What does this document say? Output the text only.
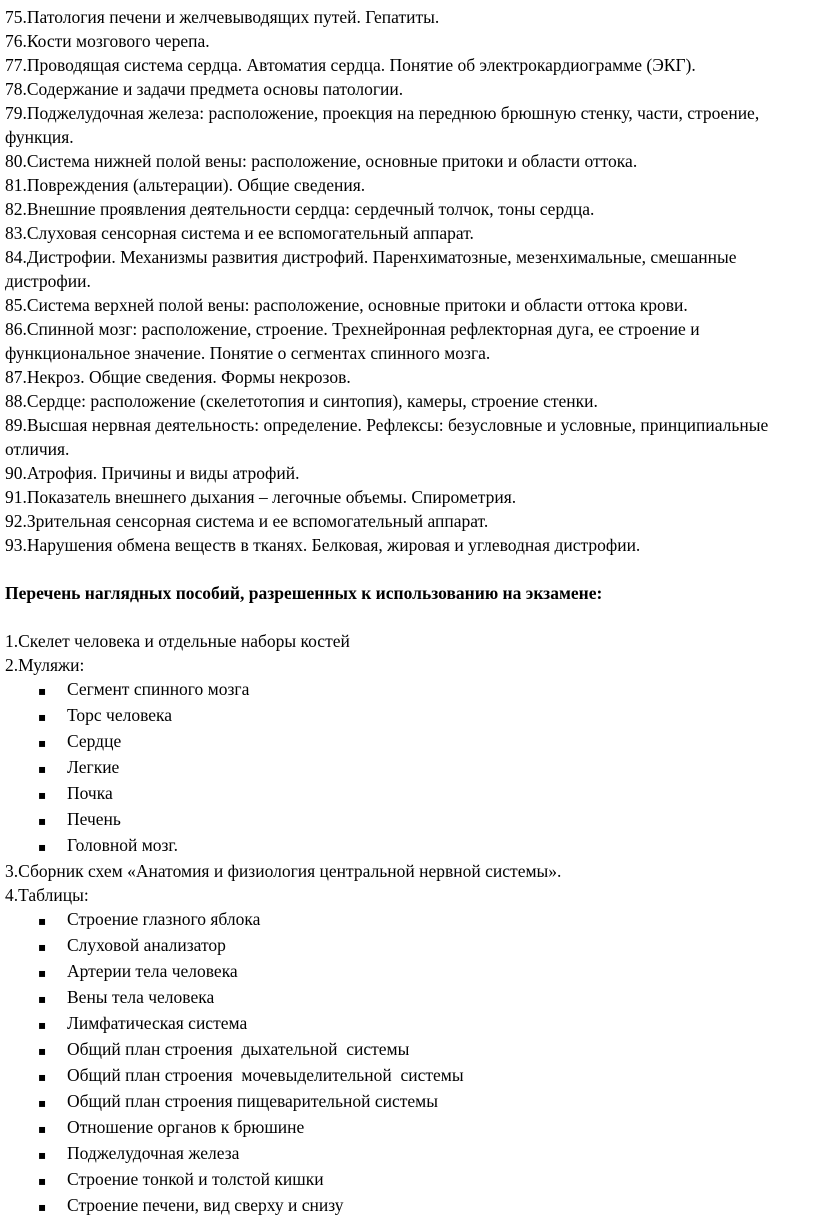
75.Патология печени и желчевыводящих путей. Гепатиты.

76.Кости мозгового черепа.

77.Проводящая система сердца. Автоматия сердца. Понятие об электрокардиограмме (ЭКГ).

78.Содержание и задачи предмета основы патологии.

79.Поджелудочная железа: расположение, проекция на переднюю брюшную стенку, части, строение, функция.

80.Система нижней полой вены: расположение, основные притоки и области оттока.

81.Повреждения (альтерации). Общие сведения.

82.Внешние проявления деятельности сердца: сердечный толчок, тоны сердца.

83.Слуховая сенсорная система и ее вспомогательный аппарат.

84.Дистрофии. Механизмы развития дистрофий. Паренхиматозные, мезенхимальные, смешанные дистрофии.

85.Система верхней полой вены: расположение, основные притоки и области оттока крови.

86.Спинной мозг: расположение, строение. Трехнейронная рефлекторная дуга, ее строение и функциональное значение. Понятие о сегментах спинного мозга.

87.Некроз. Общие сведения. Формы некрозов.

88.Сердце: расположение (скелетотопия и синтопия), камеры, строение стенки.

89.Высшая нервная деятельность: определение. Рефлексы: безусловные и условные, принципиальные отличия.

90.Атрофия. Причины и виды атрофий.

91.Показатель внешнего дыхания – легочные объемы. Спирометрия.

92.Зрительная сенсорная система и ее вспомогательный аппарат.

93.Нарушения обмена веществ в тканях. Белковая, жировая и углеводная дистрофии.

Перечень наглядных пособий, разрешенных к использованию на экзамене:

1.Скелет человека и отдельные наборы костей

2.Муляжи:

▪	Сегмент спинного мозга
▪	Торс человека
▪	Сердце
▪	Легкие
▪	Почка
▪	Печень
▪	Головной мозг.

3.Сборник схем «Анатомия и физиология центральной нервной системы».

4.Таблицы:

▪	Строение глазного яблока
▪	Слуховой анализатор
▪	Артерии тела человека
▪	Вены тела человека
▪	Лимфатическая система
▪	Общий план строения  дыхательной  системы
▪	Общий план строения  мочевыделительной  системы
▪	Общий план строения пищеварительной системы
▪	Отношение органов к брюшине
▪	Поджелудочная железа
▪	Строение тонкой и толстой кишки
▪	Строение печени, вид сверху и снизу
